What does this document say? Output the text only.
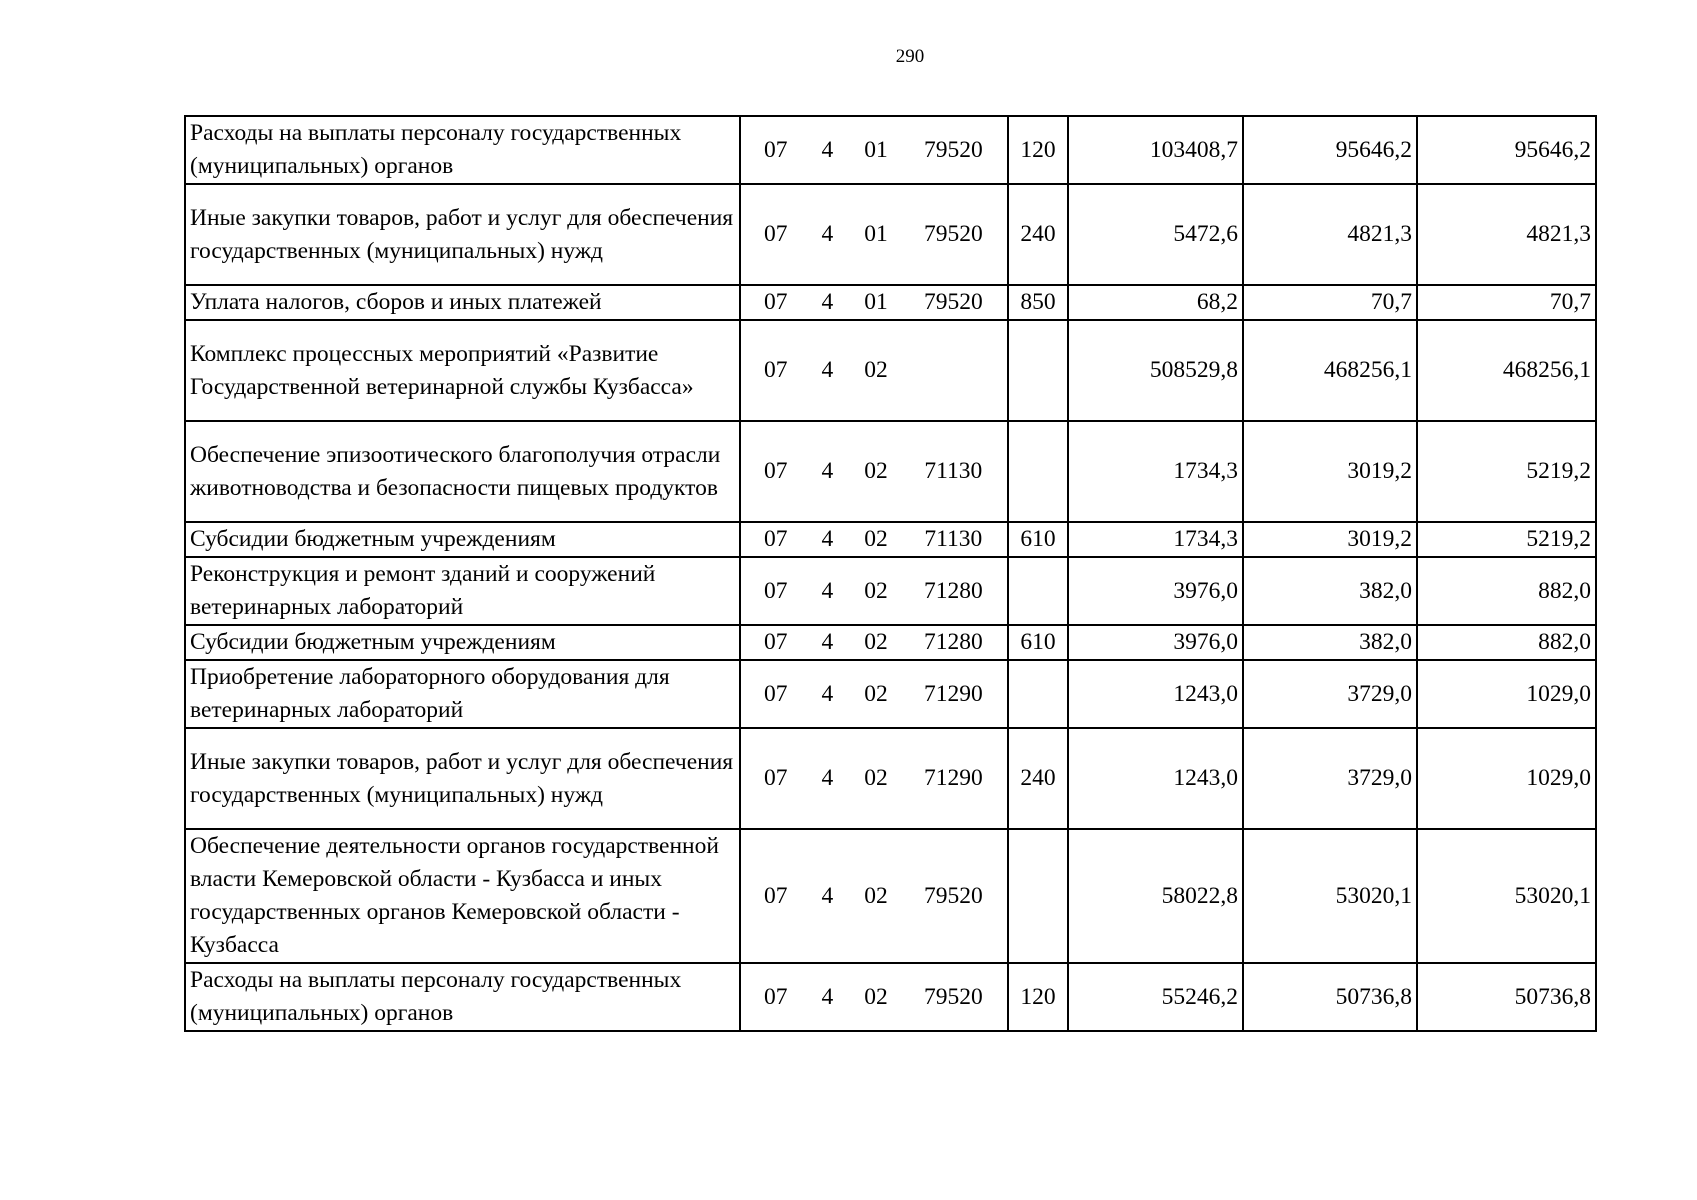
290
Расходы на выплаты персоналу государственных (муниципальных) органов	07 4 01 79520	120	103408,7	95646,2	95646,2
Иные закупки товаров, работ и услуг для обеспечения государственных (муниципальных) нужд	07 4 01 79520	240	5472,6	4821,3	4821,3
Уплата налогов, сборов и иных платежей	07 4 01 79520	850	68,2	70,7	70,7
Комплекс процессных мероприятий «Развитие Государственной ветеринарной службы Кузбасса»	07 4 02		508529,8	468256,1	468256,1
Обеспечение эпизоотического благополучия отрасли животноводства и безопасности пищевых продуктов	07 4 02 71130		1734,3	3019,2	5219,2
Субсидии бюджетным учреждениям	07 4 02 71130	610	1734,3	3019,2	5219,2
Реконструкция и ремонт зданий и сооружений ветеринарных лабораторий	07 4 02 71280		3976,0	382,0	882,0
Субсидии бюджетным учреждениям	07 4 02 71280	610	3976,0	382,0	882,0
Приобретение лабораторного оборудования для ветеринарных лабораторий	07 4 02 71290		1243,0	3729,0	1029,0
Иные закупки товаров, работ и услуг для обеспечения государственных (муниципальных) нужд	07 4 02 71290	240	1243,0	3729,0	1029,0
Обеспечение деятельности органов государственной власти Кемеровской области - Кузбасса и иных государственных органов Кемеровской области - Кузбасса	07 4 02 79520		58022,8	53020,1	53020,1
Расходы на выплаты персоналу государственных (муниципальных) органов	07 4 02 79520	120	55246,2	50736,8	50736,8
